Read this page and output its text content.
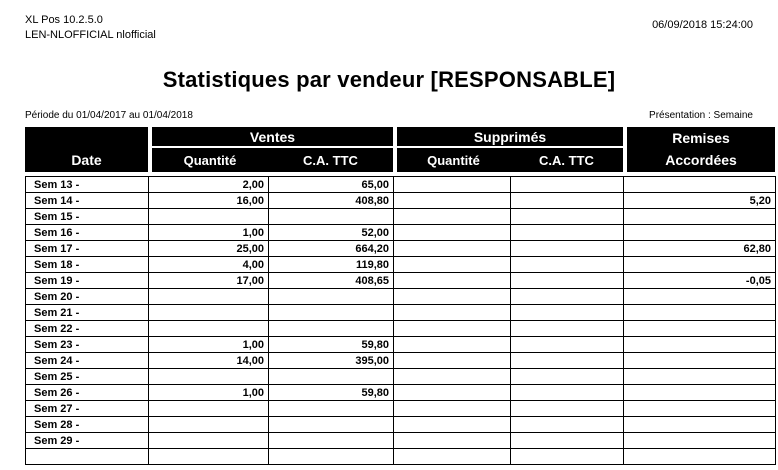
XL Pos 10.2.5.0
LEN-NLOFFICIAL nlofficial
06/09/2018 15:24:00
Statistiques par vendeur [RESPONSABLE]
Période du 01/04/2017 au 01/04/2018	Présentation : Semaine
Date
Ventes
Quantité	C.A. TTC
Supprimés
Quantité	C.A. TTC
Remises
Accordées
Sem 13 -	2,00	65,00			
Sem 14 -	16,00	408,80			5,20
Sem 15 -					
Sem 16 -	1,00	52,00			
Sem 17 -	25,00	664,20			62,80
Sem 18 -	4,00	119,80			
Sem 19 -	17,00	408,65			-0,05
Sem 20 -					
Sem 21 -					
Sem 22 -					
Sem 23 -	1,00	59,80			
Sem 24 -	14,00	395,00			
Sem 25 -					
Sem 26 -	1,00	59,80			
Sem 27 -					
Sem 28 -					
Sem 29 -					
